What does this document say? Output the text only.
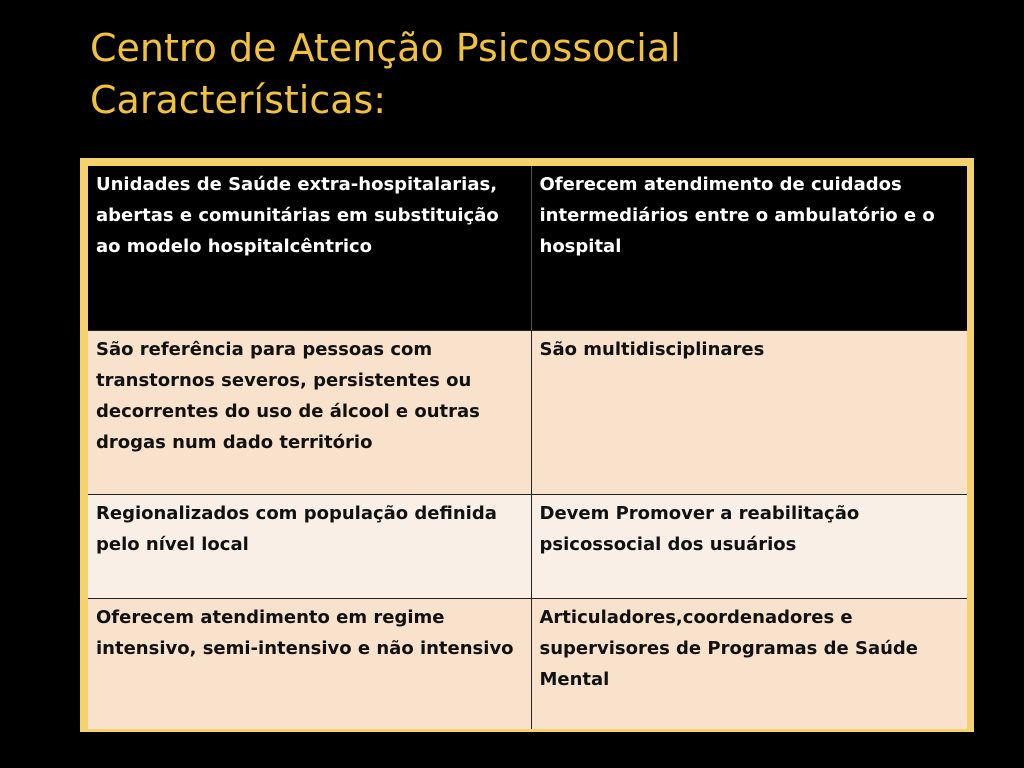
Centro de Atenção Psicossocial
Características:
Unidades de Saúde extra-hospitalarias, abertas e comunitárias em substituição ao modelo hospitalcêntrico	Oferecem atendimento de cuidados intermediários entre o ambulatório e o hospital
São referência para pessoas com transtornos severos, persistentes ou decorrentes do uso de álcool e outras drogas num dado território	São multidisciplinares
Regionalizados com população definida pelo nível local	Devem Promover a reabilitação psicossocial dos usuários
Oferecem atendimento em regime intensivo, semi-intensivo e não intensivo	Articuladores,coordenadores e supervisores de Programas de Saúde Mental
